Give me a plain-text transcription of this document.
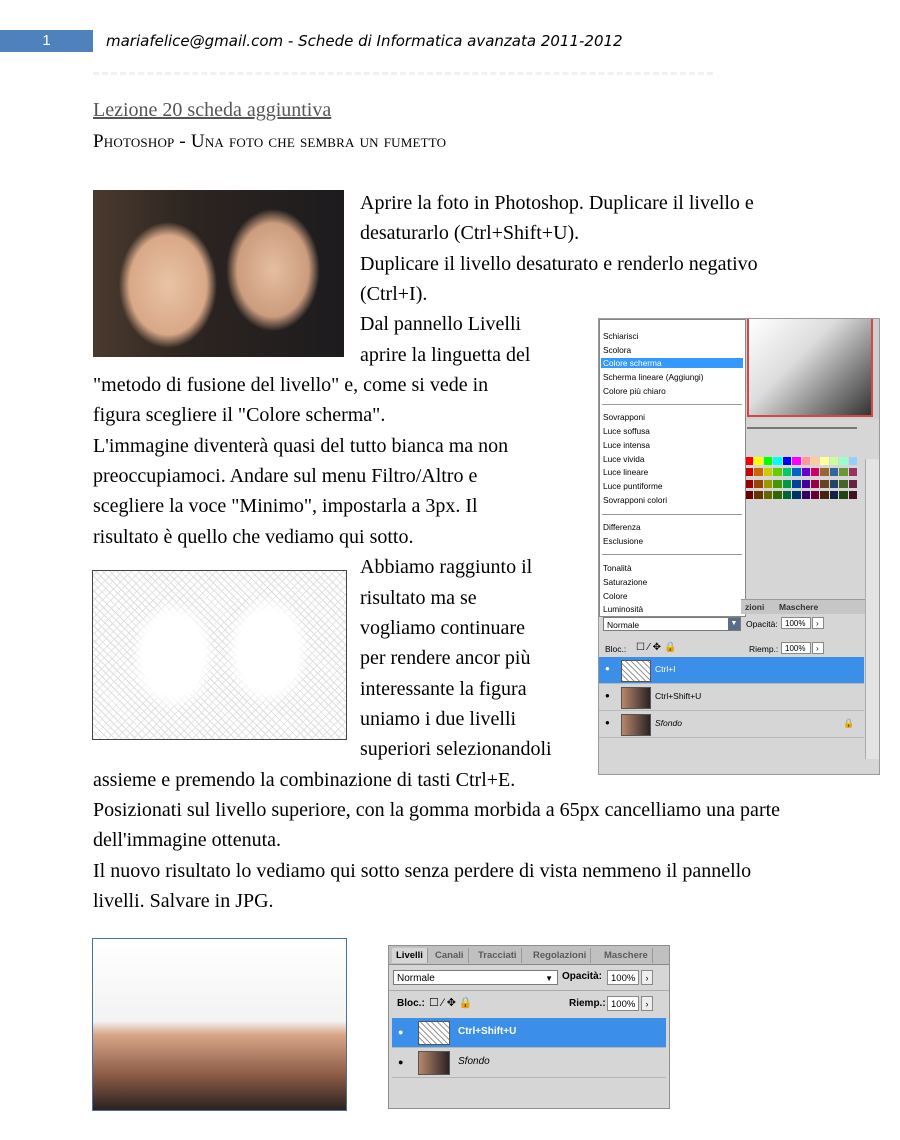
1	mariafelice@gmail.com - Schede di Informatica avanzata 2011-2012
Lezione 20 scheda aggiuntiva
Photoshop - Una foto che sembra un fumetto
Aprire la foto in Photoshop. Duplicare il livello e
desaturarlo (Ctrl+Shift+U).
Duplicare il livello desaturato e renderlo negativo
(Ctrl+I).
Dal pannello Livelli
aprire la linguetta del
"metodo di fusione del livello" e, come si vede in
figura scegliere il "Colore scherma".
L'immagine diventerà quasi del tutto bianca ma non
preoccupiamoci. Andare sul menu Filtro/Altro e
scegliere la voce "Minimo", impostarla a 3px. Il
risultato è quello che vediamo qui sotto.
Abbiamo raggiunto il
risultato ma se
vogliamo continuare
per rendere ancor più
interessante la figura
uniamo i due livelli
superiori selezionandoli
assieme e premendo la combinazione di tasti Ctrl+E.
Posizionati sul livello superiore, con la gomma morbida a 65px cancelliamo una parte
dell'immagine ottenuta.
Il nuovo risultato lo vediamo qui sotto senza perdere di vista nemmeno il pannello
livelli. Salvare in JPG.
Schiarisci
Scolora
Colore scherma
Scherma lineare (Aggiungi)
Colore più chiaro
Sovrapponi
Luce soffusa
Luce intensa
Luce vivida
Luce lineare
Luce puntiforme
Sovrapponi colori
Differenza
Esclusione
Tonalità
Saturazione
Colore
Luminosità	zioni Maschere
Normale	▼ Opacità: 100%	›
Bloc.: ☐⁄✥🔒	Riemp.: 100%	›
●	Ctrl+I
●	Ctrl+Shift+U
●	Sfondo	🔒
Livelli	Canali	Tracciati	Regolazioni	Maschere
Normale	▼ Opacità: 100%	›
Bloc.: ☐⁄✥🔒	Riemp.: 100%	›
●	Ctrl+Shift+U
●	Sfondo
